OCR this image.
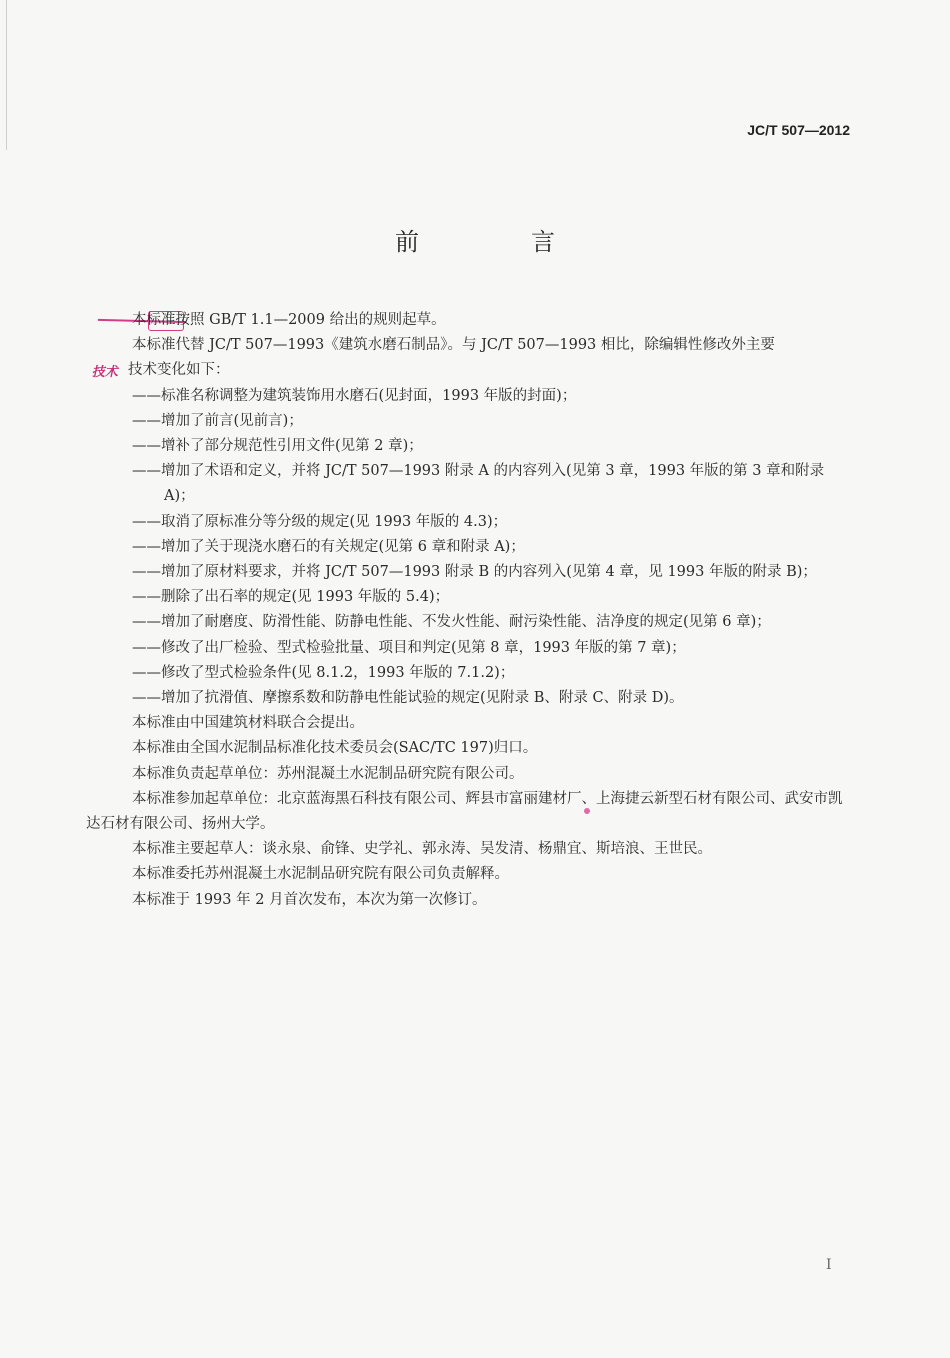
JC/T 507—2012
前	言
技术

本标准按照 GB/T 1.1—2009 给出的规则起草。

本标准代替 JC/T 507—1993《建筑水磨石制品》。与 JC/T 507—1993 相比，除编辑性修改外主要

技术变化如下：

——标准名称调整为建筑装饰用水磨石(见封面，1993 年版的封面)；

——增加了前言(见前言)；

——增补了部分规范性引用文件(见第 2 章)；

——增加了术语和定义，并将 JC/T 507—1993 附录 A 的内容列入(见第 3 章，1993 年版的第 3 章和附录 A)；

——取消了原标准分等分级的规定(见 1993 年版的 4.3)；

——增加了关于现浇水磨石的有关规定(见第 6 章和附录 A)；

——增加了原材料要求，并将 JC/T 507—1993 附录 B 的内容列入(见第 4 章，见 1993 年版的附录 B)；

——删除了出石率的规定(见 1993 年版的 5.4)；

——增加了耐磨度、防滑性能、防静电性能、不发火性能、耐污染性能、洁净度的规定(见第 6 章)；

——修改了出厂检验、型式检验批量、项目和判定(见第 8 章，1993 年版的第 7 章)；

——修改了型式检验条件(见 8.1.2，1993 年版的 7.1.2)；

——增加了抗滑值、摩擦系数和防静电性能试验的规定(见附录 B、附录 C、附录 D)。

本标准由中国建筑材料联合会提出。

本标准由全国水泥制品标准化技术委员会(SAC/TC 197)归口。

本标准负责起草单位：苏州混凝土水泥制品研究院有限公司。

本标准参加起草单位：北京蓝海黑石科技有限公司、辉县市富丽建材厂、上海捷云新型石材有限公司、武安市凯达石材有限公司、扬州大学。

本标准主要起草人：谈永泉、俞锋、史学礼、郭永涛、吴发清、杨鼎宜、斯培浪、王世民。

本标准委托苏州混凝土水泥制品研究院有限公司负责解释。

本标准于 1993 年 2 月首次发布，本次为第一次修订。

I
